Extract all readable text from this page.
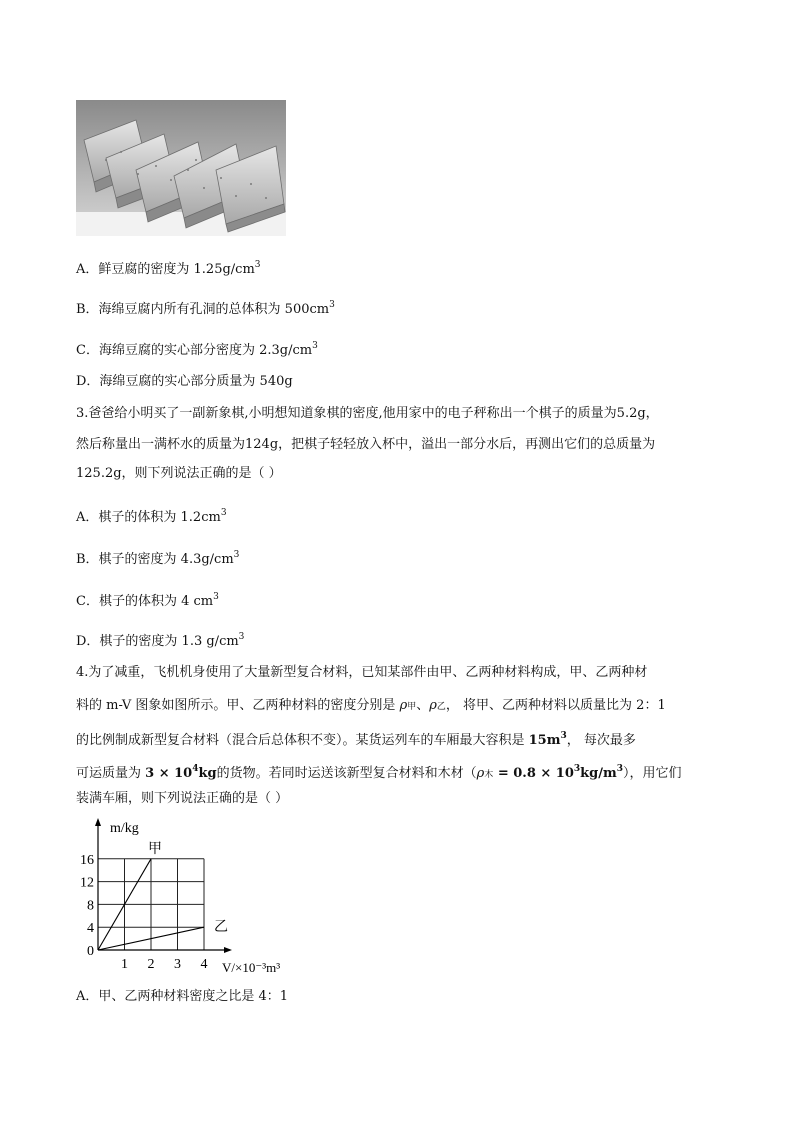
A．鲜豆腐的密度为 $1.25g/cm^3$
B．海绵豆腐内所有孔洞的总体积为 $500cm^3$
C．海绵豆腐的实心部分密度为 $2.3g/cm^3$
D．海绵豆腐的实心部分质量为 540g
3.爸爸给小明买了一副新象棋,小明想知道象棋的密度,他用家中的电子秤称出一个棋子的质量为5.2g，
然后称量出一满杯水的质量为124g，把棋子轻轻放入杯中，溢出一部分水后，再测出它们的总质量为
125.2g，则下列说法正确的是（ ）
A．棋子的体积为 $1.2cm^3$
B．棋子的密度为 $4.3g/cm^3$
C．棋子的体积为 4 $cm^3$
D．棋子的密度为 1.3 $g/cm^3$
4.为了减重，飞机机身使用了大量新型复合材料，已知某部件由甲、乙两种材料构成，甲、乙两种材
料的 m-V 图象如图所示。甲、乙两种材料的密度分别是 ρ甲、ρ乙， 将甲、乙两种材料以质量比为 2：1
的比例制成新型复合材料（混合后总体积不变）。某货运列车的车厢最大容积是 $15m^3$， 每次最多
可运质量为 $3 \times 10^4kg$的货物。若同时运送该新型复合材料和木材（ρ木 = $0.8 \times 10^3kg/m^3$），用它们
装满车厢，则下列说法正确的是（ ）
甲
乙
1 2 3 4
0
4
8
12
16
m/kg
V/×10⁻³m³
A．甲、乙两种材料密度之比是 4：1
